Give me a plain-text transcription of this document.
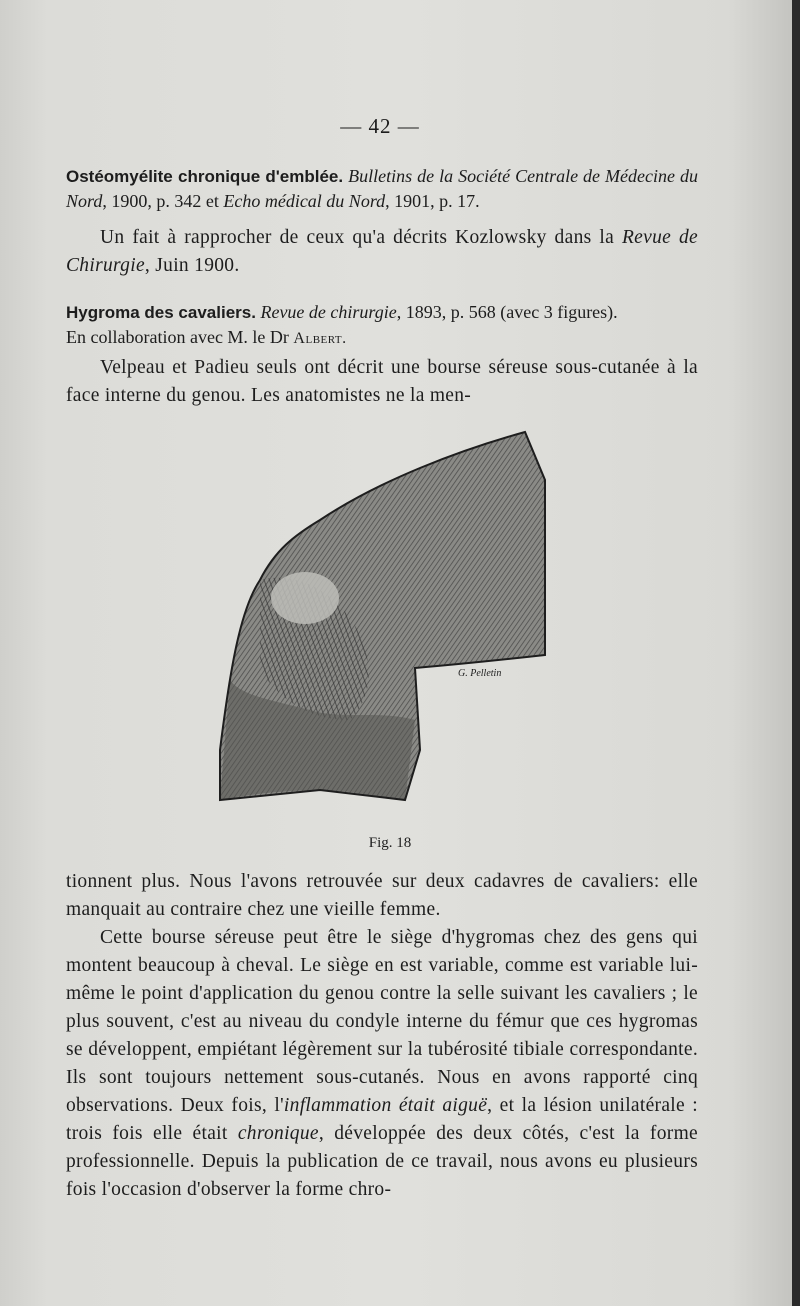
— 42 —
Ostéomyélite chronique d'emblée. Bulletins de la Société Centrale de Médecine du Nord, 1900, p. 342 et Echo médical du Nord, 1901, p. 17.
Un fait à rapprocher de ceux qu'a décrits Kozlowsky dans la Revue de Chirurgie, Juin 1900.
Hygroma des cavaliers. Revue de chirurgie, 1893, p. 568 (avec 3 figures).
En collaboration avec M. le Dr Albert.
Velpeau et Padieu seuls ont décrit une bourse séreuse sous-cutanée à la face interne du genou. Les anatomistes ne la men-
G. Pelletin
Fig. 18
tionnent plus. Nous l'avons retrouvée sur deux cadavres de cavaliers: elle manquait au contraire chez une vieille femme.
Cette bourse séreuse peut être le siège d'hygromas chez des gens qui montent beaucoup à cheval. Le siège en est variable, comme est variable lui-même le point d'application du genou contre la selle suivant les cavaliers ; le plus souvent, c'est au niveau du condyle interne du fémur que ces hygromas se développent, empiétant légèrement sur la tubérosité tibiale correspondante. Ils sont toujours nettement sous-cutanés. Nous en avons rapporté cinq observations. Deux fois, l'inflammation était aiguë, et la lésion unilatérale : trois fois elle était chronique, développée des deux côtés, c'est la forme professionnelle. Depuis la publication de ce travail, nous avons eu plusieurs fois l'occasion d'observer la forme chro-
